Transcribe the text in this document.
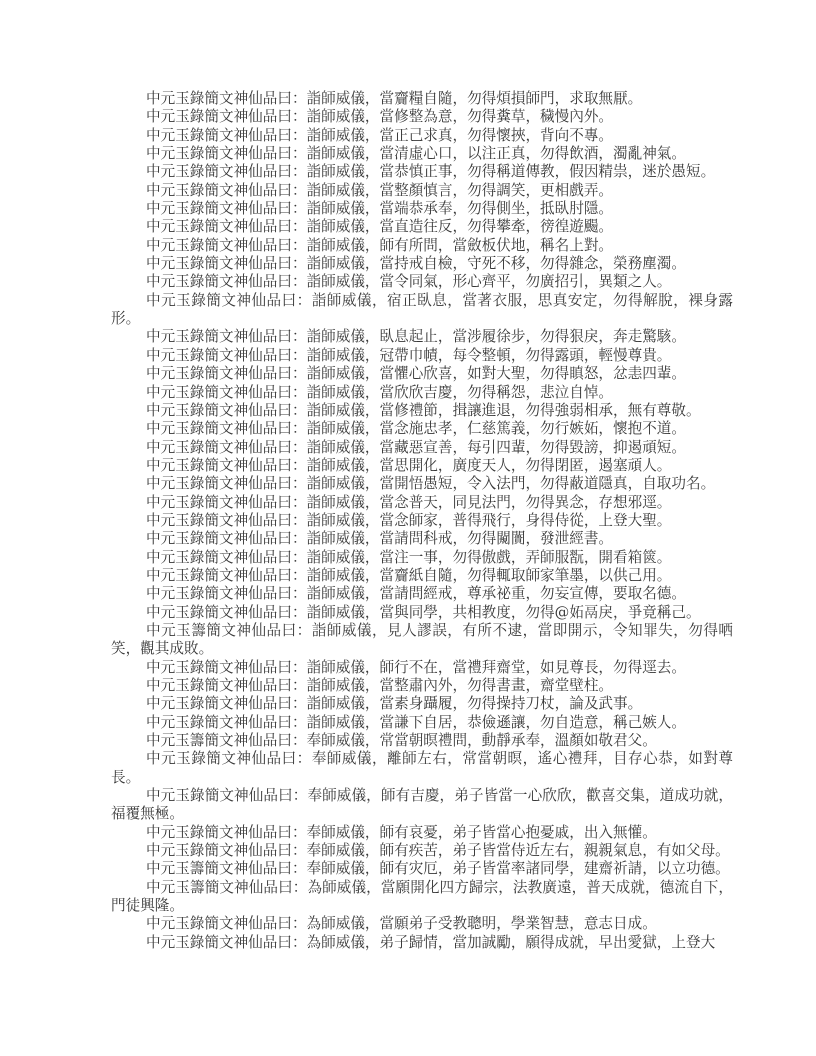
中元玉錄簡文神仙品曰：詣師威儀，當齎糧自隨，勿得煩損師門，求取無厭。

中元玉錄簡文神仙品曰：詣師威儀，當修整為意，勿得糞草，穢慢內外。

中元玉錄簡文神仙品曰：詣師威儀，當正己求真，勿得懷挾，背向不專。

中元玉錄簡文神仙品曰：詣師威儀，當清虛心口，以注正真，勿得飲酒，濁亂神氣。

中元玉錄簡文神仙品曰：詣師威儀，當恭慎正事，勿得稱道傳教，假因精祟，迷於愚短。

中元玉錄簡文神仙品曰：詣師威儀，當整顏慎言，勿得調笑，更相戲弄。

中元玉錄簡文神仙品曰：詣師威儀，當端恭承奉，勿得側坐，抵臥肘隱。

中元玉錄簡文神仙品曰：詣師威儀，當直造往反，勿得攀牽，徬徨遊颺。

中元玉錄簡文神仙品曰：詣師威儀，師有所問，當斂板伏地，稱名上對。

中元玉錄簡文神仙品曰：詣師威儀，當持戒自檢，守死不移，勿得雜念，榮務塵濁。

中元玉錄簡文神仙品曰：詣師威儀，當令同氣，形心齊平，勿廣招引，異類之人。

中元玉錄簡文神仙品曰：詣師威儀，宿正臥息，當著衣服，思真安定，勿得解脫，裸身露形。

中元玉錄簡文神仙品曰：詣師威儀，臥息起止，當涉履徐步，勿得狠戾，奔走驚駭。

中元玉錄簡文神仙品曰：詣師威儀，冠帶巾幘，每令整頓，勿得露頭，輕慢尊貴。

中元玉錄簡文神仙品曰：詣師威儀，當懼心欣喜，如對大聖，勿得瞋怒，忿恚四輩。

中元玉錄簡文神仙品曰：詣師威儀，當欣欣吉慶，勿得稱怨，悲泣自悼。

中元玉錄簡文神仙品曰：詣師威儀，當修禮節，揖讓進退，勿得強弱相承，無有尊敬。

中元玉錄簡文神仙品曰：詣師威儀，當念施忠孝，仁慈篤義，勿行嫉妬，懷抱不道。

中元玉錄簡文神仙品曰：詣師威儀，當藏惡宣善，每引四輩，勿得毀謗，抑遏頑短。

中元玉錄簡文神仙品曰：詣師威儀，當思開化，廣度天人，勿得閉匿，遏塞頑人。

中元玉錄簡文神仙品曰：詣師威儀，當開悟愚短，令入法門，勿得蔽道隱真，自取功名。

中元玉錄簡文神仙品曰：詣師威儀，當念普天，同見法門，勿得異念，存想邪逕。

中元玉錄簡文神仙品曰：詣師威儀，當念師家，普得飛行，身得侍從，上登大聖。

中元玉錄簡文神仙品曰：詣師威儀，當請問科戒，勿得闚闠，發泄經書。

中元玉錄簡文神仙品曰：詣師威儀，當注一事，勿得傲戲，弄師服翫，開看箱篋。

中元玉錄簡文神仙品曰：詣師威儀，當齎紙自隨，勿得輒取師家筆墨，以供己用。

中元玉錄簡文神仙品曰：詣師威儀，當請問經戒，尊承祕重，勿妄宣傳，要取名德。

中元玉錄簡文神仙品曰：詣師威儀，當與同學，共相教度，勿得@妬鬲戾，爭竟稱己。

中元玉籌簡文神仙品曰：詣師威儀，見人謬誤，有所不逮，當即開示，令知罪失，勿得哂笑，觀其成敗。

中元玉錄簡文神仙品曰：詣師威儀，師行不在，當禮拜齋堂，如見尊長，勿得逕去。

中元玉錄簡文神仙品曰：詣師威儀，當整肅內外，勿得書畫，齋堂壁柱。

中元玉錄簡文神仙品曰：詣師威儀，當素身躡履，勿得操持刀杖，論及武事。

中元玉錄簡文神仙品曰：詣師威儀，當謙下自居，恭儉遜讓，勿自造意，稱己嫉人。

中元玉籌簡文神仙品曰：奉師威儀，常當朝暝禮問，動靜承奉，溫顏如敬君父。

中元玉錄簡文神仙品曰：奉師威儀，離師左右，常當朝暝，遙心禮拜，目存心恭，如對尊長。

中元玉錄簡文神仙品曰：奉師威儀，師有吉慶，弟子皆當一心欣欣，歡喜交集，道成功就，福覆無極。

中元玉錄簡文神仙品曰：奉師威儀，師有哀憂，弟子皆當心抱憂戚，出入無懽。

中元玉錄簡文神仙品曰：奉師威儀，師有疾苦，弟子皆當侍近左右，親親氣息，有如父母。

中元玉籌簡文神仙品曰：奉師威儀，師有灾厄，弟子皆當率諸同學，建齋祈請，以立功德。

中元玉籌簡文神仙品曰：為師威儀，當願開化四方歸宗，法教廣遠，普天成就，德流自下，門徒興隆。

中元玉錄簡文神仙品曰：為師威儀，當願弟子受教聰明，學業智慧，意志日成。

中元玉錄簡文神仙品曰：為師威儀，弟子歸情，當加誠勵，願得成就，早出愛獄，上登大
